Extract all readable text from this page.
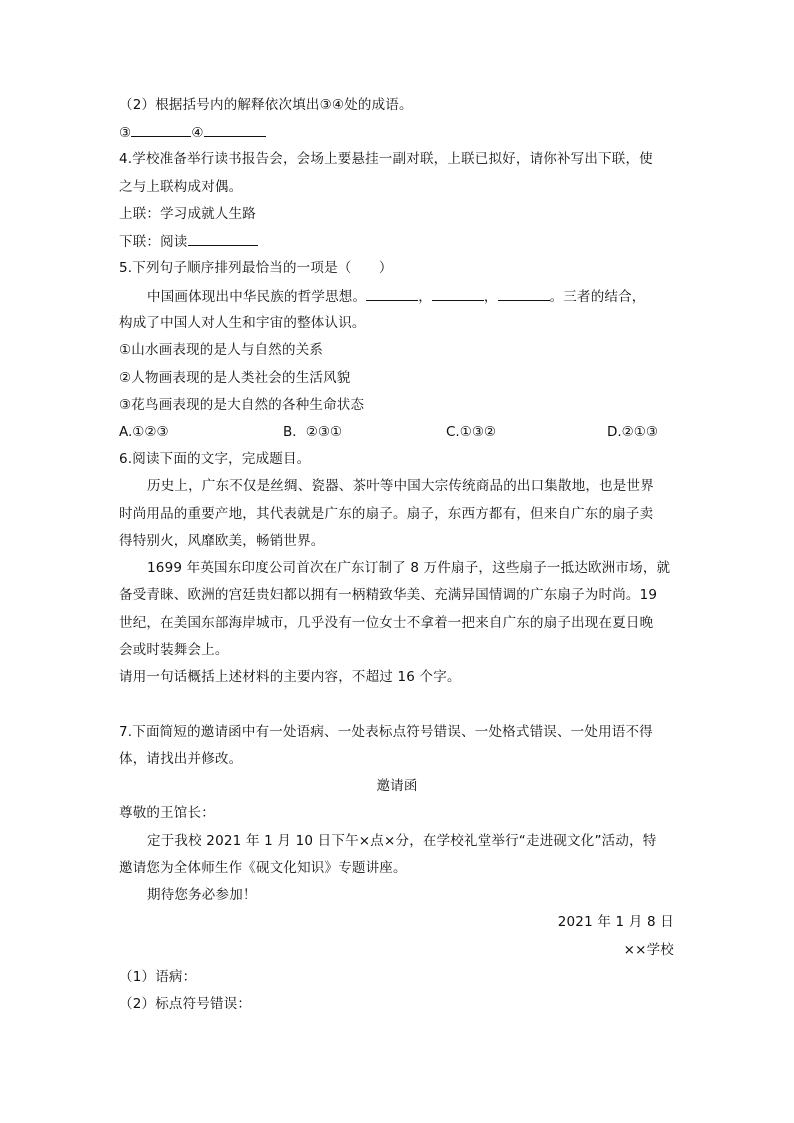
（2）根据括号内的解释依次填出③④处的成语。
③	④
4.学校准备举行读书报告会，会场上要悬挂一副对联，上联已拟好，请你补写出下联，使
之与上联构成对偶。
上联：学习成就人生路
下联：阅读
5.下列句子顺序排列最恰当的一项是（　　）
中国画体现出中华民族的哲学思想。	，	，	。三者的结合，
构成了中国人对人生和宇宙的整体认识。
①山水画表现的是人与自然的关系
②人物画表现的是人类社会的生活风貌
③花鸟画表现的是大自然的各种生命状态
A.①②③	B．②③①	C.①③②	D.②①③
6.阅读下面的文字，完成题目。
历史上，广东不仅是丝绸、瓷器、茶叶等中国大宗传统商品的出口集散地，也是世界
时尚用品的重要产地，其代表就是广东的扇子。扇子，东西方都有，但来自广东的扇子卖
得特别火，风靡欧美，畅销世界。
1699 年英国东印度公司首次在广东订制了 8 万件扇子，这些扇子一抵达欧洲市场，就
备受青睐、欧洲的宫廷贵妇都以拥有一柄精致华美、充满异国情调的广东扇子为时尚。19
世纪，在美国东部海岸城市，几乎没有一位女士不拿着一把来自广东的扇子出现在夏日晚
会或时装舞会上。
请用一句话概括上述材料的主要内容，不超过 16 个字。
7.下面简短的邀请函中有一处语病、一处表标点符号错误、一处格式错误、一处用语不得
体，请找出并修改。
邀请函
尊敬的王馆长：
定于我校 2021 年 1 月 10 日下午×点×分，在学校礼堂举行“走进砚文化”活动，特
邀请您为全体师生作《砚文化知识》专题讲座。
期待您务必参加！
2021 年 1 月 8 日
××学校
（1）语病：
（2）标点符号错误：
